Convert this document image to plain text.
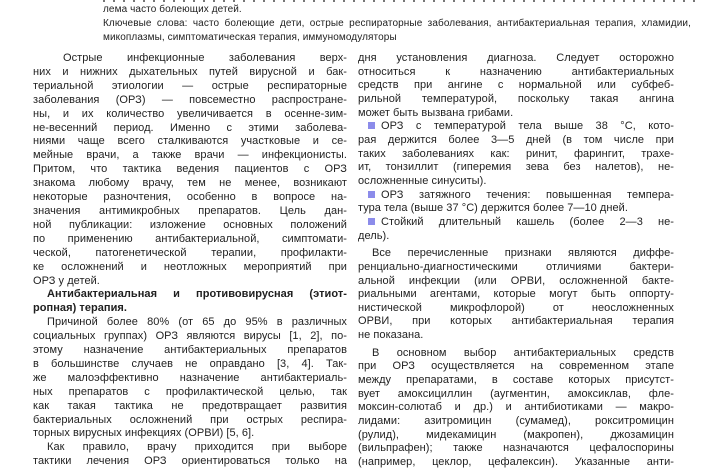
лема часто болеющих детей.
Ключевые слова: часто болеющие дети, острые респираторные заболевания, антибактериальная терапия, хламидии,
микоплазмы, симптоматическая терапия, иммуномодуляторы
Острые инфекционные заболевания верх-
них и нижних дыхательных путей вирусной и бак-
териальной этиологии — острые респираторные
заболевания (ОРЗ) — повсеместно распростране-
ны, и их количество увеличивается в осенне-зим-
не-весенний период. Именно с этими заболева-
ниями чаще всего сталкиваются участковые и се-
мейные врачи, а также врачи — инфекционисты.
Притом, что тактика ведения пациентов с ОРЗ
знакома любому врачу, тем не менее, возникают
некоторые разночтения, особенно в вопросе на-
значения антимикробных препаратов. Цель дан-
ной публикации: изложение основных положений
по применению антибактериальной, симптомати-
ческой, патогенетической терапии, профилакти-
ке осложнений и неотложных мероприятий при
ОРЗ у детей.
Антибактериальная и противовирусная (этиот-
ропная) терапия.
Причиной более 80% (от 65 до 95% в различных
социальных группах) ОРЗ являются вирусы [1, 2], по-
этому назначение антибактериальных препаратов
в большинстве случаев не оправдано [3, 4]. Так-
же малоэффективно назначение антибактериаль-
ных препаратов с профилактической целью, так
как такая тактика не предотвращает развития
бактериальных осложнений при острых респира-
торных вирусных инфекциях (ОРВИ) [5, 6].
Как правило, врачу приходится при выборе
тактики лечения ОРЗ ориентироваться только на
дня установления диагноза. Следует осторожно
относиться к назначению антибактериальных
средств при ангине с нормальной или субфеб-
рильной температурой, поскольку такая ангина
может быть вызвана грибами.
ОРЗ с температурой тела выше 38 °С, кото-
рая держится более 3—5 дней (в том числе при
таких заболеваниях как: ринит, фарингит, трахе-
ит, тонзиллит (гиперемия зева без налетов), не-
осложненные синуситы).
ОРЗ затяжного течения: повышенная темпера-
тура тела (выше 37 °С) держится более 7—10 дней.
Стойкий длительный кашель (более 2—3 не-
дель).
Все перечисленные признаки являются диффе-
ренциально-диагностическими отличиями бактери-
альной инфекции (или ОРВИ, осложненной бакте-
риальными агентами, которые могут быть оппорту-
нистической микрофлорой) от неосложненных
ОРВИ, при которых антибактериальная терапия
не показана.
В основном выбор антибактериальных средств
при ОРЗ осуществляется на современном этапе
между препаратами, в составе которых присутст-
вует амоксициллин (аугментин, амоксиклав, фле-
моксин-солютаб и др.) и антибиотиками — макро-
лидами: азитромицин (сумамед), рокситромицин
(рулид), мидекамицин (макропен), джозамицин
(вильпрафен); также назначаются цефалоспорины
(например, цеклор, цефалексин). Указанные анти-
